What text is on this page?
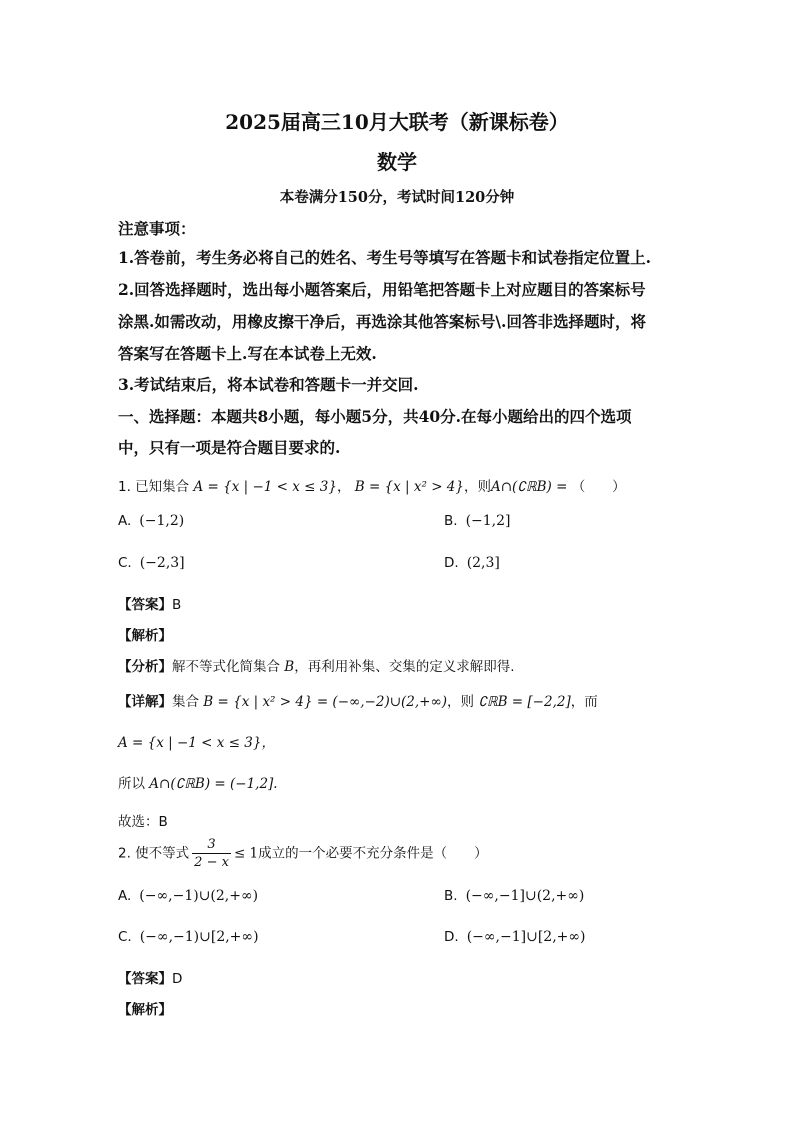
2025届高三10月大联考（新课标卷）
数学
本卷满分150分，考试时间120分钟
注意事项：
1.答卷前，考生务必将自己的姓名、考生号等填写在答题卡和试卷指定位置上.
2.回答选择题时，选出每小题答案后，用铅笔把答题卡上对应题目的答案标号
涂黑.如需改动，用橡皮擦干净后，再选涂其他答案标号\.回答非选择题时，将
答案写在答题卡上.写在本试卷上无效.
3.考试结束后，将本试卷和答题卡一并交回.
一、选择题：本题共8小题，每小题5分，共40分.在每小题给出的四个选项
中，只有一项是符合题目要求的.
1. 已知集合 A = {x | −1 < x ≤ 3}， B = {x | x² > 4}，则A∩(∁ℝB) = （　　）
A. (−1,2)	B. (−1,2]
C. (−2,3]	D. (2,3]
【答案】B
【解析】
【分析】解不等式化简集合 B，再利用补集、交集的定义求解即得.
【详解】集合 B = {x | x² > 4} = (−∞,−2)∪(2,+∞)，则 ∁ℝB = [−2,2]，而
A = {x | −1 < x ≤ 3}，
所以 A∩(∁ℝB) = (−1,2].
故选：B
2. 使不等式 $\frac{3}{2 - x} \le 1$成立的一个必要不充分条件是（　　）
A. (−∞,−1)∪(2,+∞)	B. (−∞,−1]∪(2,+∞)
C. (−∞,−1)∪[2,+∞)	D. (−∞,−1]∪[2,+∞)
【答案】D
【解析】
